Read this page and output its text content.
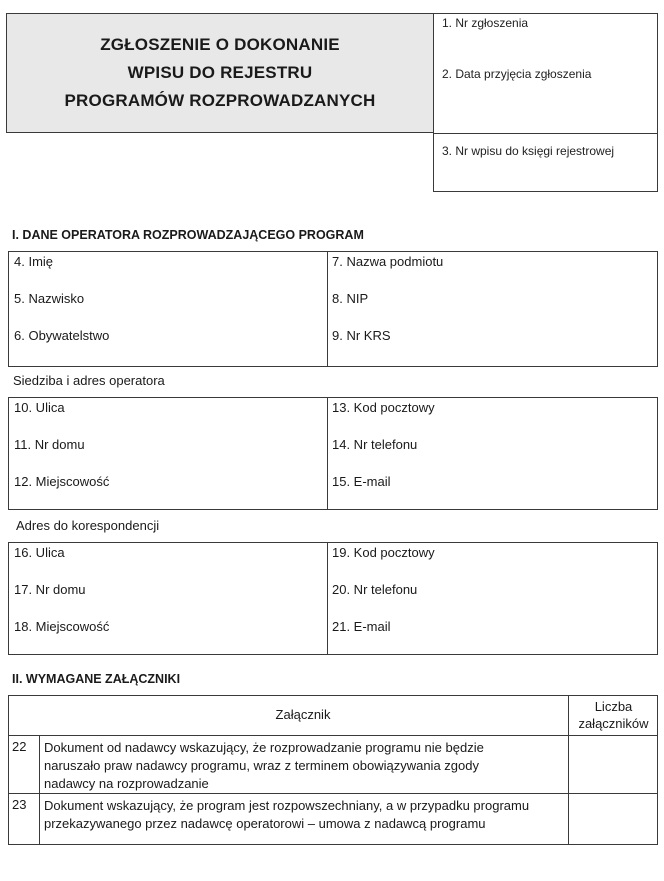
ZGŁOSZENIE O DOKONANIE
WPISU DO REJESTRU
PROGRAMÓW ROZPROWADZANYCH
1. Nr zgłoszenia
2. Data przyjęcia zgłoszenia
3. Nr wpisu do księgi rejestrowej
I. DANE OPERATORA ROZPROWADZAJĄCEGO PROGRAM
4. Imię
5. Nazwisko
6. Obywatelstwo
7. Nazwa podmiotu
8. NIP
9. Nr KRS
Siedziba i adres operatora
10. Ulica
11. Nr domu
12. Miejscowość
13. Kod pocztowy
14. Nr telefonu
15. E-mail
Adres do korespondencji
16. Ulica
17. Nr domu
18. Miejscowość
19. Kod pocztowy
20. Nr telefonu
21. E-mail
II. WYMAGANE ZAŁĄCZNIKI
Załącznik
Liczba
załączników
22 Dokument od nadawcy wskazujący, że rozprowadzanie programu nie będzie
naruszało praw nadawcy programu, wraz z terminem obowiązywania zgody
nadawcy na rozprowadzanie
23 Dokument wskazujący, że program jest rozpowszechniany, a w przypadku programu
przekazywanego przez nadawcę operatorowi – umowa z nadawcą programu
